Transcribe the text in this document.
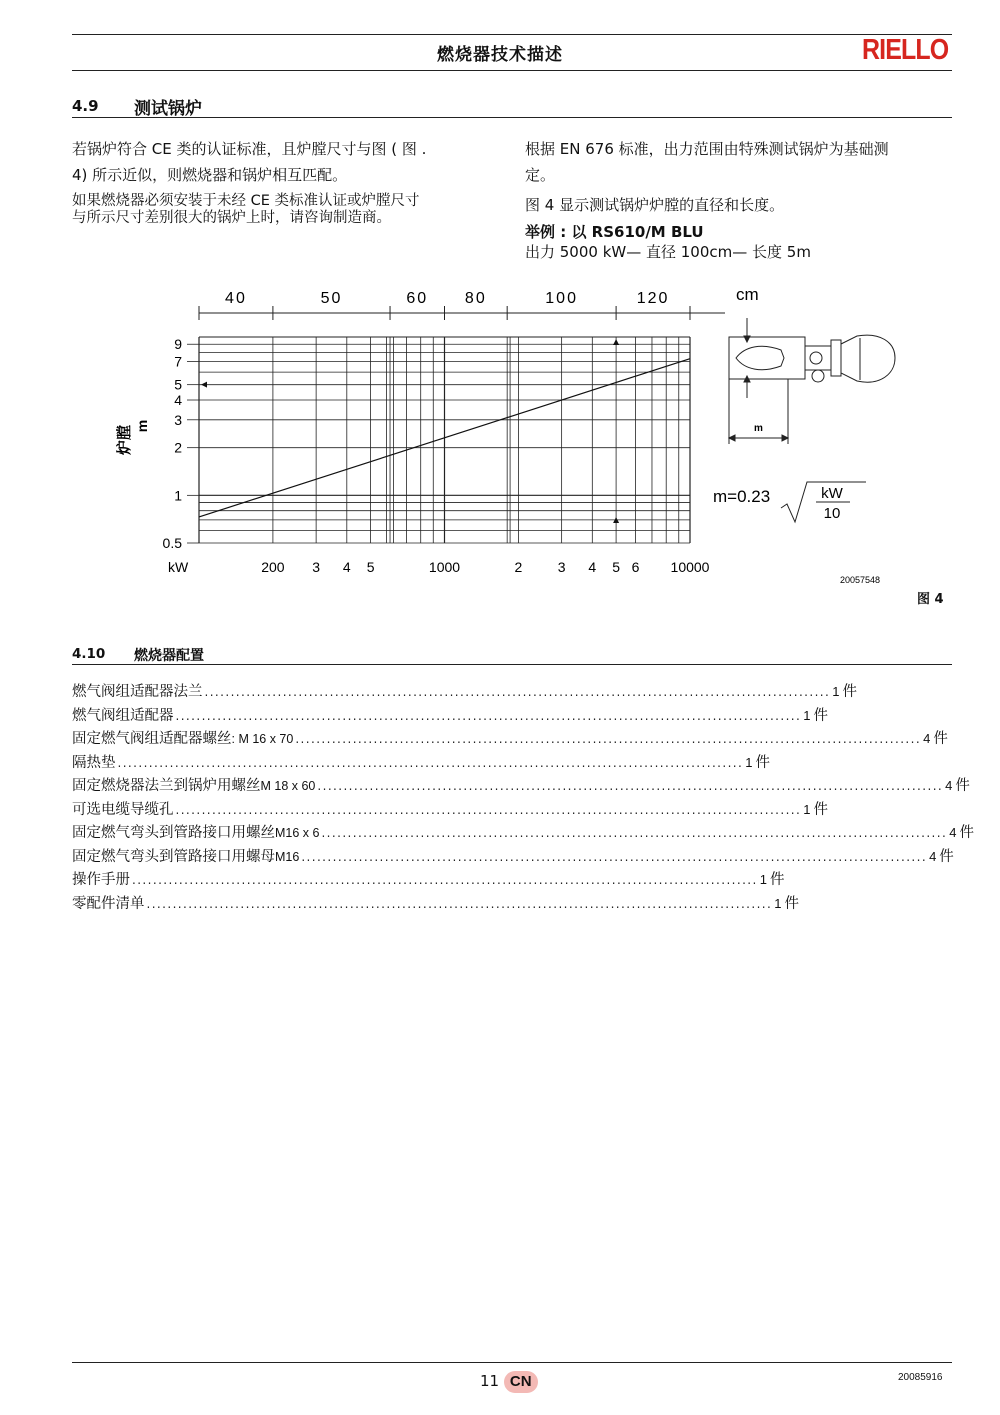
燃烧器技术描述	RIELLO
4.9 测试锅炉
若锅炉符合 CE 类的认证标准，且炉膛尺寸与图 ( 图 .
4) 所示近似，则燃烧器和锅炉相互匹配。
如果燃烧器必须安装于未经 CE 类标准认证或炉膛尺寸
与所示尺寸差别很大的锅炉上时，请咨询制造商。
根据 EN 676 标准，出力范围由特殊测试锅炉为基础测
定。
图 4 显示测试锅炉炉膛的直径和长度。
举例 : 以 RS610/M BLU
出力 5000 kW— 直径 100cm— 长度 5m
40	50	60 80	100	120
200 3 4 5	1000	2	3 4 5 6 10000
0.5
1
2
3
4
5
7
9
炉膛 m
kW
cm
m
m=0.23	kW
10
20057548
图 4
4.10 燃烧器配置
燃气阀组适配器法兰 ........................................................................................................................ 1 件
燃气阀组适配器 ........................................................................................................................ 1 件
固定燃气阀组适配器螺丝 : M 16 x 70 ........................................................................................................................ 4 件
隔热垫 ........................................................................................................................ 1 件
固定燃烧器法兰到锅炉用螺丝 M 18 x 60 ........................................................................................................................ 4 件
可选电缆导缆孔 ........................................................................................................................ 1 件
固定燃气弯头到管路接口用螺丝 M16 x 6 ........................................................................................................................ 4 件
固定燃气弯头到管路接口用螺母 M16 ........................................................................................................................ 4 件
操作手册 ........................................................................................................................ 1 件
零配件清单 ........................................................................................................................ 1 件
11 CN	20085916
